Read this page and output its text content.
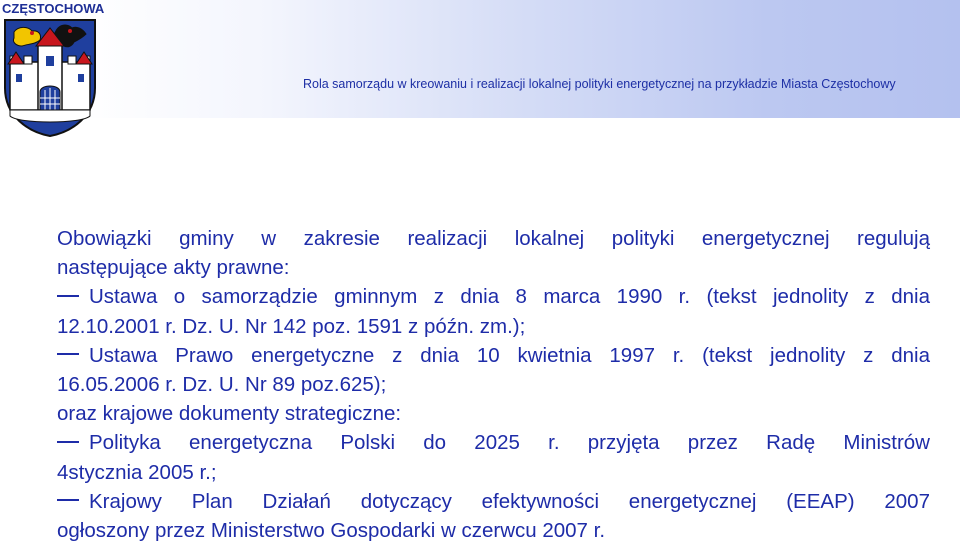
CZĘSTOCHOWA
Rola samorządu w kreowaniu i realizacji lokalnej polityki energetycznej na przykładzie Miasta Częstochowy
Obowiązki gminy w zakresie realizacji lokalnej polityki energetycznej regulują
następujące akty prawne:
Ustawa o samorządzie gminnym z dnia 8 marca 1990 r. (tekst jednolity z dnia
12.10.2001 r. Dz. U. Nr 142 poz. 1591 z późn. zm.);
Ustawa Prawo energetyczne z dnia 10 kwietnia 1997 r. (tekst jednolity z dnia
16.05.2006 r. Dz. U. Nr 89 poz.625);
oraz krajowe dokumenty strategiczne:
Polityka energetyczna Polski do 2025 r. przyjęta przez Radę Ministrów
4stycznia 2005 r.;
Krajowy Plan Działań dotyczący efektywności energetycznej (EEAP) 2007
ogłoszony przez Ministerstwo Gospodarki w czerwcu 2007 r.
